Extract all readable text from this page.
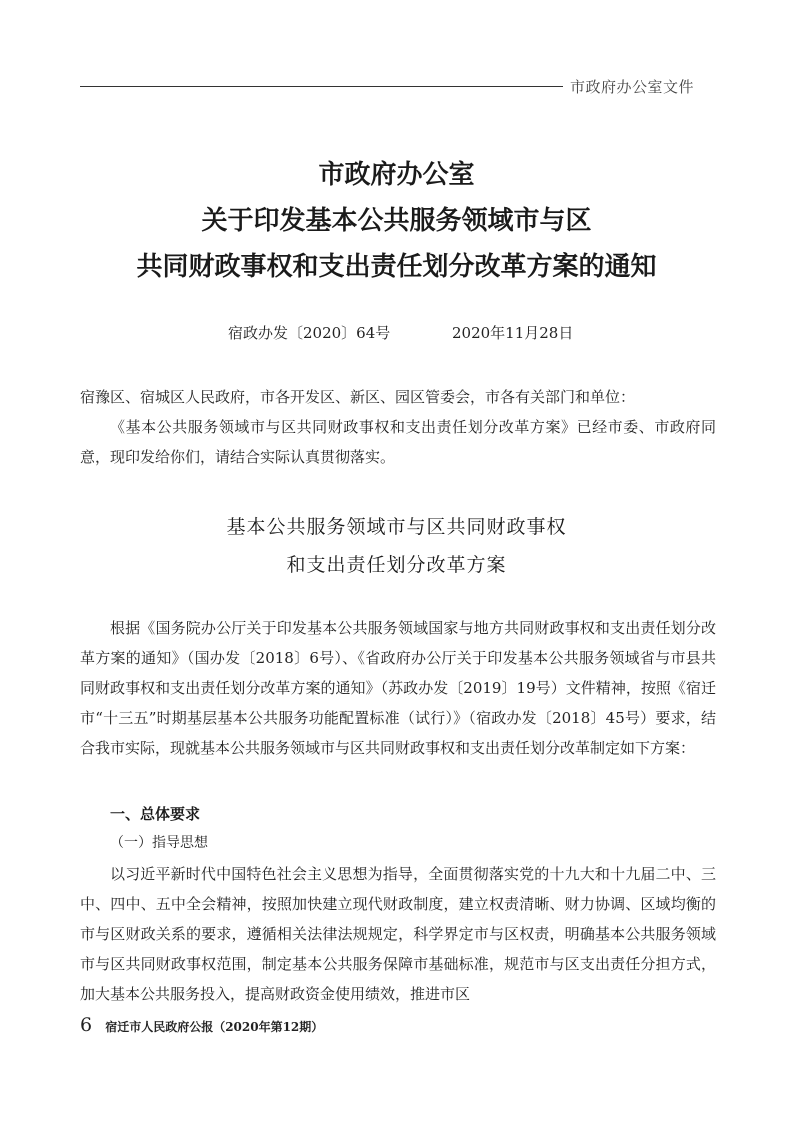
市政府办公室文件
市政府办公室
关于印发基本公共服务领域市与区
共同财政事权和支出责任划分改革方案的通知
宿政办发〔2020〕64号	2020年11月28日
宿豫区、宿城区人民政府，市各开发区、新区、园区管委会，市各有关部门和单位：
《基本公共服务领域市与区共同财政事权和支出责任划分改革方案》已经市委、市政府同意，现印发给你们，请结合实际认真贯彻落实。
基本公共服务领域市与区共同财政事权
和支出责任划分改革方案
根据《国务院办公厅关于印发基本公共服务领域国家与地方共同财政事权和支出责任划分改革方案的通知》（国办发〔2018〕6号）、《省政府办公厅关于印发基本公共服务领域省与市县共同财政事权和支出责任划分改革方案的通知》（苏政办发〔2019〕19号）文件精神，按照《宿迁市“十三五”时期基层基本公共服务功能配置标准（试行）》（宿政办发〔2018〕45号）要求，结合我市实际，现就基本公共服务领域市与区共同财政事权和支出责任划分改革制定如下方案：
一、总体要求
（一）指导思想
以习近平新时代中国特色社会主义思想为指导，全面贯彻落实党的十九大和十九届二中、三中、四中、五中全会精神，按照加快建立现代财政制度，建立权责清晰、财力协调、区域均衡的市与区财政关系的要求，遵循相关法律法规规定，科学界定市与区权责，明确基本公共服务领域市与区共同财政事权范围，制定基本公共服务保障市基础标准，规范市与区支出责任分担方式，加大基本公共服务投入，提高财政资金使用绩效，推进市区
6 宿迁市人民政府公报（2020年第12期）
